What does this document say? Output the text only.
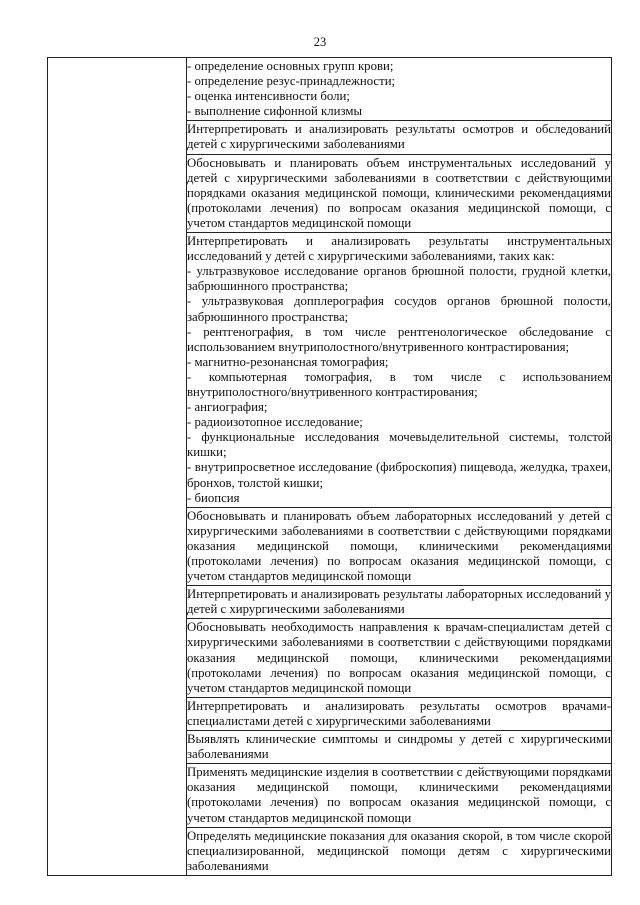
23

- определение основных групп крови;
- определение резус-принадлежности;
- оценка интенсивности боли;
- выполнение сифонной клизмы
Интерпретировать и анализировать результаты осмотров и обследований детей с хирургическими заболеваниями
Обосновывать и планировать объем инструментальных исследований у детей с хирургическими заболеваниями в соответствии с действующими порядками оказания медицинской помощи, клиническими рекомендациями (протоколами лечения) по вопросам оказания медицинской помощи, с учетом стандартов медицинской помощи
Интерпретировать и анализировать результаты инструментальных исследований у детей с хирургическими заболеваниями, таких как:
- ультразвуковое исследование органов брюшной полости, грудной клетки, забрюшинного пространства;
- ультразвуковая допплерография сосудов органов брюшной полости, забрюшинного пространства;
- рентгенография, в том числе рентгенологическое обследование с использованием внутриполостного/внутривенного контрастирования;
- магнитно-резонансная томография;
- компьютерная томография, в том числе с использованием внутриполостного/внутривенного контрастирования;
- ангиография;
- радиоизотопное исследование;
- функциональные исследования мочевыделительной системы, толстой кишки;
- внутрипросветное исследование (фиброскопия) пищевода, желудка, трахеи, бронхов, толстой кишки;
- биопсия
Обосновывать и планировать объем лабораторных исследований у детей с хирургическими заболеваниями в соответствии с действующими порядками оказания медицинской помощи, клиническими рекомендациями (протоколами лечения) по вопросам оказания медицинской помощи, с учетом стандартов медицинской помощи
Интерпретировать и анализировать результаты лабораторных исследований у детей с хирургическими заболеваниями
Обосновывать необходимость направления к врачам-специалистам детей с хирургическими заболеваниями в соответствии с действующими порядками оказания медицинской помощи, клиническими рекомендациями (протоколами лечения) по вопросам оказания медицинской помощи, с учетом стандартов медицинской помощи
Интерпретировать и анализировать результаты осмотров врачами-специалистами детей с хирургическими заболеваниями
Выявлять клинические симптомы и синдромы у детей с хирургическими заболеваниями
Применять медицинские изделия в соответствии с действующими порядками оказания медицинской помощи, клиническими рекомендациями (протоколами лечения) по вопросам оказания медицинской помощи, с учетом стандартов медицинской помощи
Определять медицинские показания для оказания скорой, в том числе скорой специализированной, медицинской помощи детям с хирургическими заболеваниями
